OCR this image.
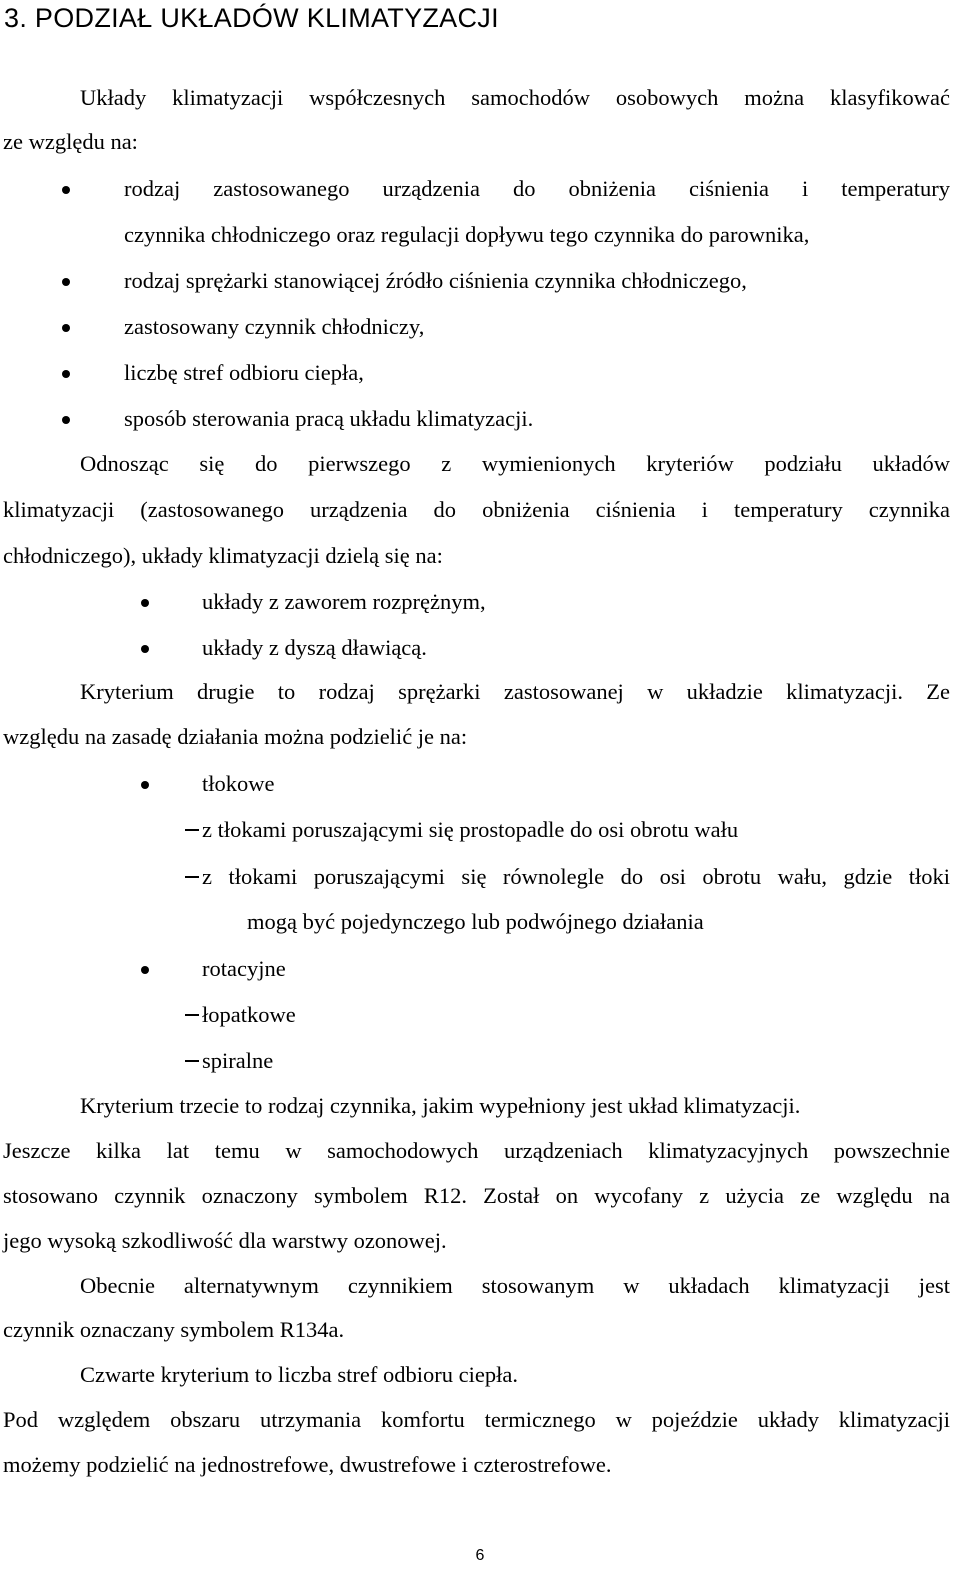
3. PODZIAŁ UKŁADÓW KLIMATYZACJI
Układy klimatyzacji współczesnych samochodów osobowych można klasyfikować
ze względu na:
rodzaj zastosowanego urządzenia do obniżenia ciśnienia i temperatury
czynnika chłodniczego oraz regulacji dopływu tego czynnika do parownika,
rodzaj sprężarki stanowiącej źródło ciśnienia czynnika chłodniczego,
zastosowany czynnik chłodniczy,
liczbę stref odbioru ciepła,
sposób sterowania pracą układu klimatyzacji.
Odnosząc się do pierwszego z wymienionych kryteriów podziału układów
klimatyzacji (zastosowanego urządzenia do obniżenia ciśnienia i temperatury czynnika
chłodniczego), układy klimatyzacji dzielą się na:
układy z zaworem rozprężnym,
układy z dyszą dławiącą.
Kryterium drugie to rodzaj sprężarki zastosowanej w układzie klimatyzacji. Ze
względu na zasadę działania można podzielić je na:
tłokowe
z tłokami poruszającymi się prostopadle do osi obrotu wału
z tłokami poruszającymi się równolegle do osi obrotu wału, gdzie tłoki
mogą być pojedynczego lub podwójnego działania
rotacyjne
łopatkowe
spiralne
Kryterium trzecie to rodzaj czynnika, jakim wypełniony jest układ klimatyzacji.
Jeszcze kilka lat temu w samochodowych urządzeniach klimatyzacyjnych powszechnie
stosowano czynnik oznaczony symbolem R12. Został on wycofany z użycia ze względu na
jego wysoką szkodliwość dla warstwy ozonowej.
Obecnie alternatywnym czynnikiem stosowanym w układach klimatyzacji jest
czynnik oznaczany symbolem R134a.
Czwarte kryterium to liczba stref odbioru ciepła.
Pod względem obszaru utrzymania komfortu termicznego w pojeździe układy klimatyzacji
możemy podzielić na jednostrefowe, dwustrefowe i czterostrefowe.
6
